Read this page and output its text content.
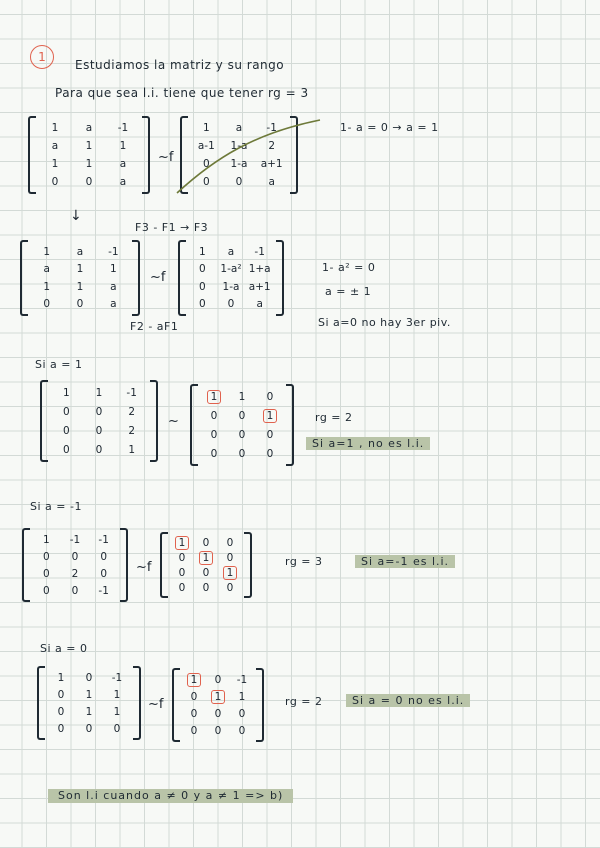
1
Estudiamos la matriz y su rango
Para que sea l.i. tiene que tener rg = 3
1	a -1
a	1	1
1	1	a
0	0	a
~f
1 a -1
a-1 1-a 2
0 1-a a+1
0 0 a
1- a = 0 → a = 1
F3 - F1 → F3
↓
1	a -1
a	1	1
1	1	a
0	0	a
~f
1 a -1
0 1-a² 1+a
0 1-a a+1
0 0 a
F2 - aF1
1- a² = 0
a = ± 1
Si a=0 no hay 3er piv.
Si a = 1
1 1 -1
0 0 2
0 0 2
0 0 1
~
1	1 0
0 0	1
0 0 0
0 0 0
rg = 2
Si a=1 , no es l.i.
Si a = -1
1 -1 -1
0 0 0
0 2 0
0 0 -1
~f
1	0 0
0	1	0
0 0	1
0 0 0
rg = 3	Si a=-1 es l.i.
Si a = 0
1 0 -1
0 1 1
0 1 1
0 0 0
~f
1	0 -1
0	1	1
0 0 0
0 0 0
rg = 2	Si a = 0 no es l.i.
Son l.i cuando a ≠ 0 y a ≠ 1 => b)
